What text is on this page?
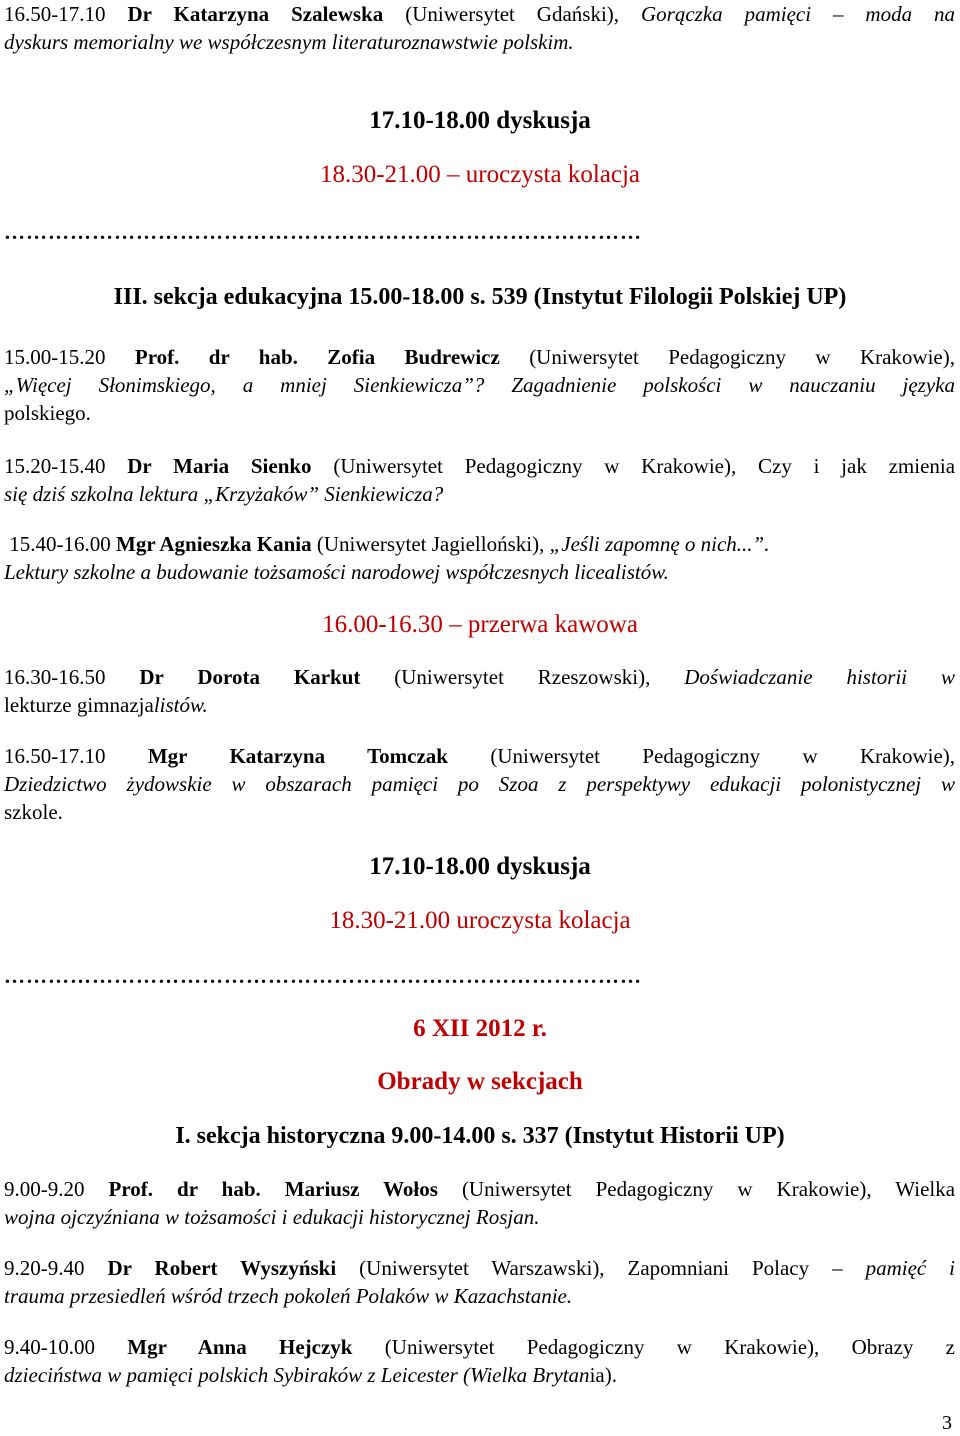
16.50-17.10 Dr Katarzyna Szalewska (Uniwersytet Gdański), Gorączka pamięci – moda na
dyskurs memorialny we współczesnym literaturoznawstwie polskim.
17.10-18.00 dyskusja
18.30-21.00 – uroczysta kolacja
……………………………………………………………………………
III. sekcja edukacyjna 15.00-18.00 s. 539 (Instytut Filologii Polskiej UP)
15.00-15.20 Prof. dr hab. Zofia Budrewicz (Uniwersytet Pedagogiczny w Krakowie),
„Więcej Słonimskiego, a mniej Sienkiewicza”? Zagadnienie polskości w nauczaniu języka
polskiego.
15.20-15.40 Dr Maria Sienko (Uniwersytet Pedagogiczny w Krakowie), Czy i jak zmienia
się dziś szkolna lektura „Krzyżaków” Sienkiewicza?
15.40-16.00 Mgr Agnieszka Kania (Uniwersytet Jagielloński), „Jeśli zapomnę o nich...”.
Lektury szkolne a budowanie tożsamości narodowej współczesnych licealistów.
16.00-16.30 – przerwa kawowa
16.30-16.50 Dr Dorota Karkut (Uniwersytet Rzeszowski), Doświadczanie historii w
lekturze gimnazjalistów.
16.50-17.10 Mgr Katarzyna Tomczak (Uniwersytet Pedagogiczny w Krakowie),
Dziedzictwo żydowskie w obszarach pamięci po Szoa z perspektywy edukacji polonistycznej w
szkole.
17.10-18.00 dyskusja
18.30-21.00 uroczysta kolacja
……………………………………………………………………………
6 XII 2012 r.
Obrady w sekcjach
I. sekcja historyczna 9.00-14.00 s. 337 (Instytut Historii UP)
9.00-9.20 Prof. dr hab. Mariusz Wołos (Uniwersytet Pedagogiczny w Krakowie), Wielka
wojna ojczyźniana w tożsamości i edukacji historycznej Rosjan.
9.20-9.40 Dr Robert Wyszyński (Uniwersytet Warszawski), Zapomniani Polacy – pamięć i
trauma przesiedleń wśród trzech pokoleń Polaków w Kazachstanie.
9.40-10.00 Mgr Anna Hejczyk (Uniwersytet Pedagogiczny w Krakowie), Obrazy z
dzieciństwa w pamięci polskich Sybiraków z Leicester (Wielka Brytania).
3
